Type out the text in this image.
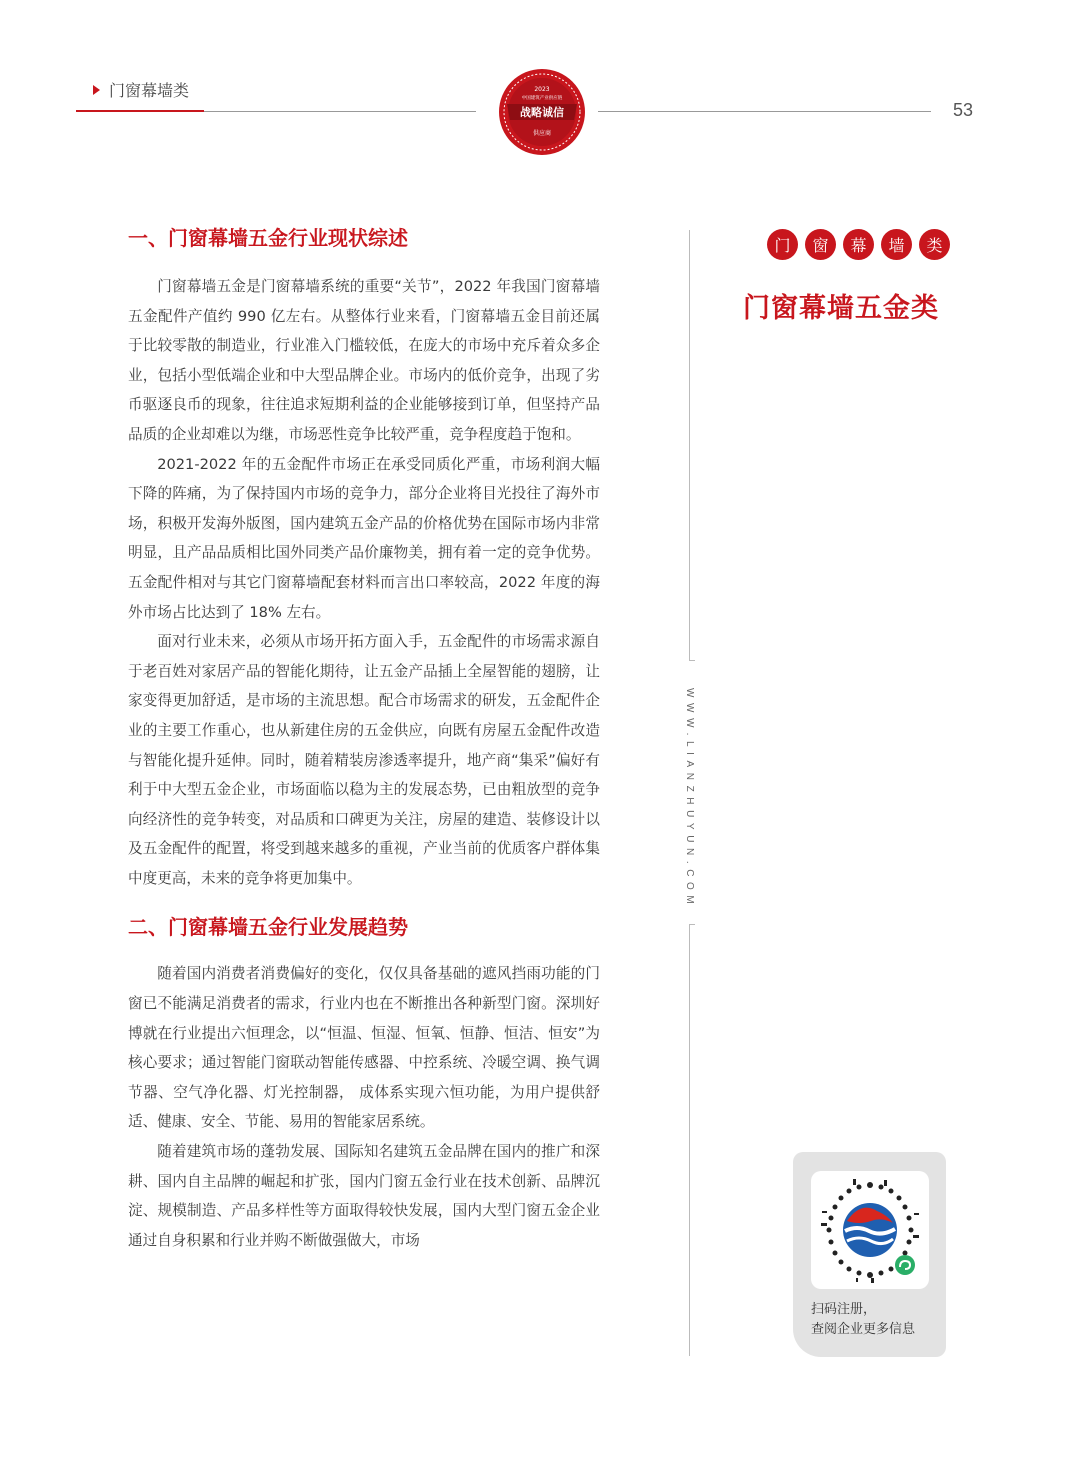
门窗幕墙类
53
2023
中国建筑产业供应链
战略诚信
供应商
一、门窗幕墙五金行业现状综述

门窗幕墙五金是门窗幕墙系统的重要“关节”，2022 年我国门窗幕墙五金配件产值约 990 亿左右。从整体行业来看，门窗幕墙五金目前还属于比较零散的制造业，行业准入门槛较低，在庞大的市场中充斥着众多企业，包括小型低端企业和中大型品牌企业。市场内的低价竞争，出现了劣币驱逐良币的现象，往往追求短期利益的企业能够接到订单，但坚持产品品质的企业却难以为继，市场恶性竞争比较严重，竞争程度趋于饱和。

2021-2022 年的五金配件市场正在承受同质化严重，市场利润大幅下降的阵痛，为了保持国内市场的竞争力，部分企业将目光投往了海外市场，积极开发海外版图，国内建筑五金产品的价格优势在国际市场内非常明显，且产品品质相比国外同类产品价廉物美，拥有着一定的竞争优势。五金配件相对与其它门窗幕墙配套材料而言出口率较高，2022 年度的海外市场占比达到了 18% 左右。

面对行业未来，必须从市场开拓方面入手，五金配件的市场需求源自于老百姓对家居产品的智能化期待，让五金产品插上全屋智能的翅膀，让家变得更加舒适，是市场的主流思想。配合市场需求的研发，五金配件企业的主要工作重心，也从新建住房的五金供应，向既有房屋五金配件改造与智能化提升延伸。同时，随着精装房渗透率提升，地产商“集采”偏好有利于中大型五金企业，市场面临以稳为主的发展态势，已由粗放型的竞争向经济性的竞争转变，对品质和口碑更为关注，房屋的建造、装修设计以及五金配件的配置，将受到越来越多的重视，产业当前的优质客户群体集中度更高，未来的竞争将更加集中。

二、门窗幕墙五金行业发展趋势

随着国内消费者消费偏好的变化，仅仅具备基础的遮风挡雨功能的门窗已不能满足消费者的需求，行业内也在不断推出各种新型门窗。深圳好博就在行业提出六恒理念，以“恒温、恒湿、恒氧、恒静、恒洁、恒安”为核心要求；通过智能门窗联动智能传感器、中控系统、冷暖空调、换气调节器、空气净化器、灯光控制器， 成体系实现六恒功能，为用户提供舒适、健康、安全、节能、易用的智能家居系统。

随着建筑市场的蓬勃发展、国际知名建筑五金品牌在国内的推广和深耕、国内自主品牌的崛起和扩张，国内门窗五金行业在技术创新、品牌沉淀、规模制造、产品多样性等方面取得较快发展，国内大型门窗五金企业通过自身积累和行业并购不断做强做大，市场

WWW.LIANZHUYUN.COM
门	窗	幕	墙	类
门窗幕墙五金类
扫码注册，
查阅企业更多信息
